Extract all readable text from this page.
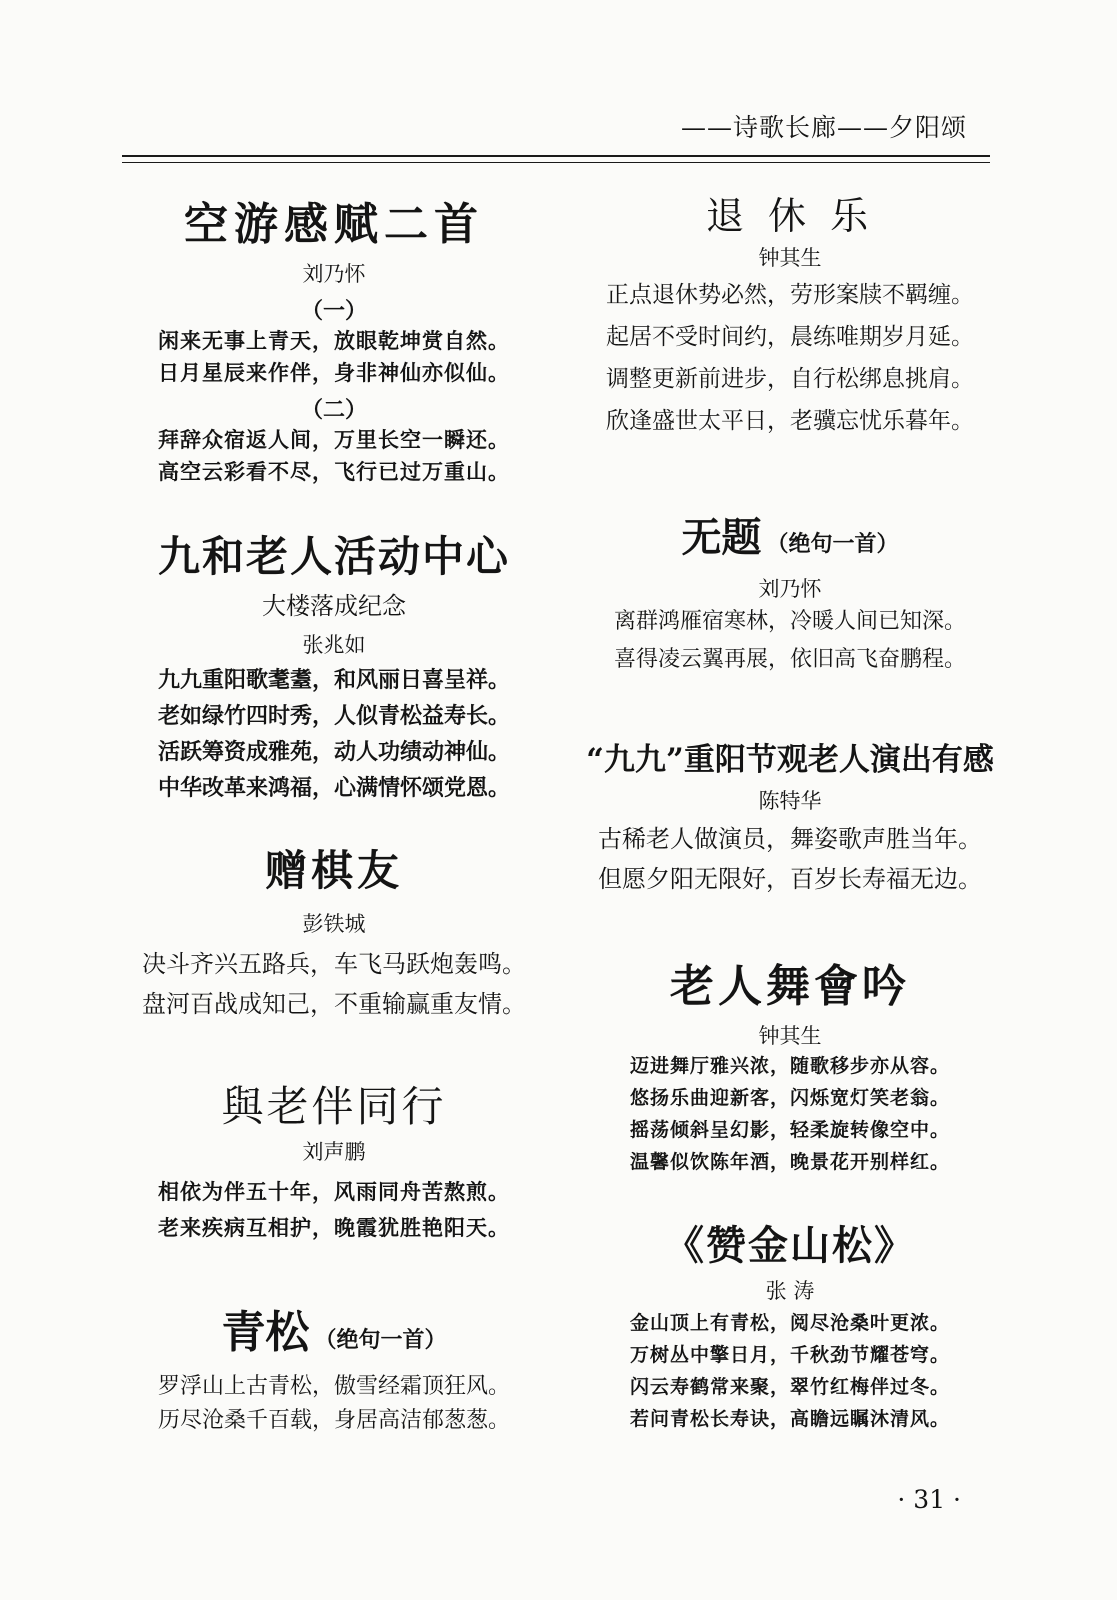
——诗歌长廊——夕阳颂
空游感赋二首
刘乃怀
（一）
闲来无事上青天，放眼乾坤赏自然。
日月星辰来作伴，身非神仙亦似仙。
（二）
拜辞众宿返人间，万里长空一瞬还。
高空云彩看不尽，飞行已过万重山。
九和老人活动中心
大楼落成纪念
张兆如
九九重阳歌耄耋，和风丽日喜呈祥。
老如绿竹四时秀，人似青松益寿长。
活跃筹资成雅苑，动人功绩动神仙。
中华改革来鸿福，心满情怀颂党恩。
赠棋友
彭铁城
决斗齐兴五路兵，车飞马跃炮轰鸣。
盘河百战成知己，不重输赢重友情。
與老伴同行
刘声鹏
相依为伴五十年，风雨同舟苦熬煎。
老来疾病互相护，晚霞犹胜艳阳天。
青松 （绝句一首）
罗浮山上古青松，傲雪经霜顶狂风。
历尽沧桑千百载，身居高洁郁葱葱。
退 休 乐
钟其生
正点退休势必然，劳形案牍不羁缠。
起居不受时间约，晨练唯期岁月延。
调整更新前进步，自行松绑息挑肩。
欣逢盛世太平日，老骥忘忧乐暮年。
无题 （绝句一首）
刘乃怀
离群鸿雁宿寒林，冷暖人间已知深。
喜得凌云翼再展，依旧高飞奋鹏程。
“九九”重阳节观老人演出有感
陈特华
古稀老人做演员，舞姿歌声胜当年。
但愿夕阳无限好，百岁长寿福无边。
老人舞會吟
钟其生
迈进舞厅雅兴浓，随歌移步亦从容。
悠扬乐曲迎新客，闪烁宽灯笑老翁。
摇荡倾斜呈幻影，轻柔旋转像空中。
温馨似饮陈年酒，晚景花开别样红。
《赞金山松》
张 涛
金山顶上有青松，阅尽沧桑叶更浓。
万树丛中擎日月，千秋劲节耀苍穹。
闪云寿鹤常来聚，翠竹红梅伴过冬。
若问青松长寿诀，高瞻远瞩沐清风。
· 31 ·
